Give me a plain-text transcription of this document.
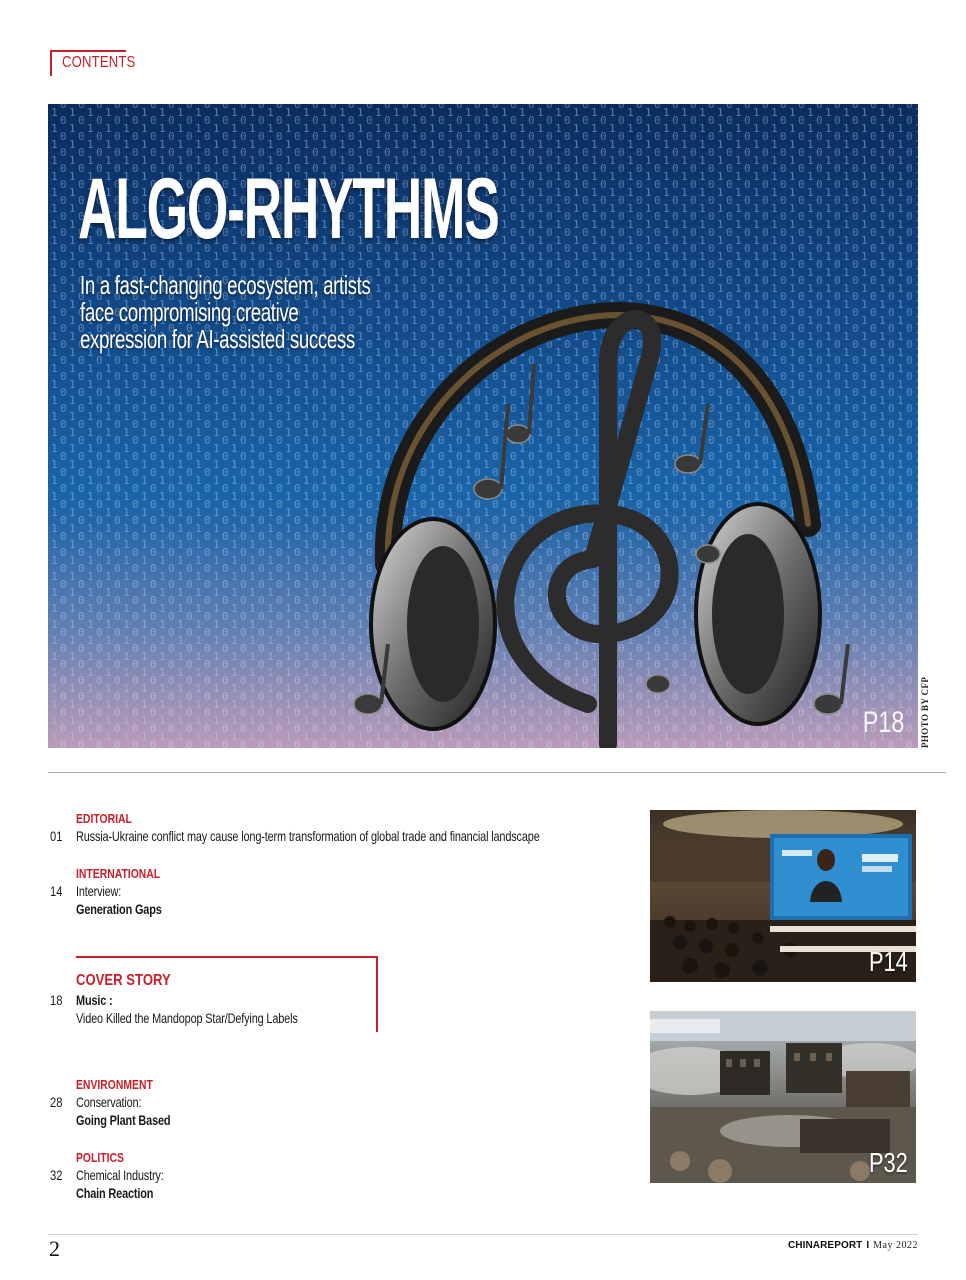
CONTENTS
ALGO-RHYTHMS
In a fast-changing ecosystem, artists face compromising creative expression for AI-assisted success
P18 PHOTO BY CFP
EDITORIAL
01 Russia-Ukraine conflict may cause long-term transformation of global trade and financial landscape
INTERNATIONAL
14 Interview:
Generation Gaps
COVER STORY
18 Music :
Video Killed the Mandopop Star/Defying Labels
ENVIRONMENT
28 Conservation:
Going Plant Based
POLITICS
32 Chemical Industry:
Chain Reaction
P14
P32
2	CHINAREPORT I May 2022
